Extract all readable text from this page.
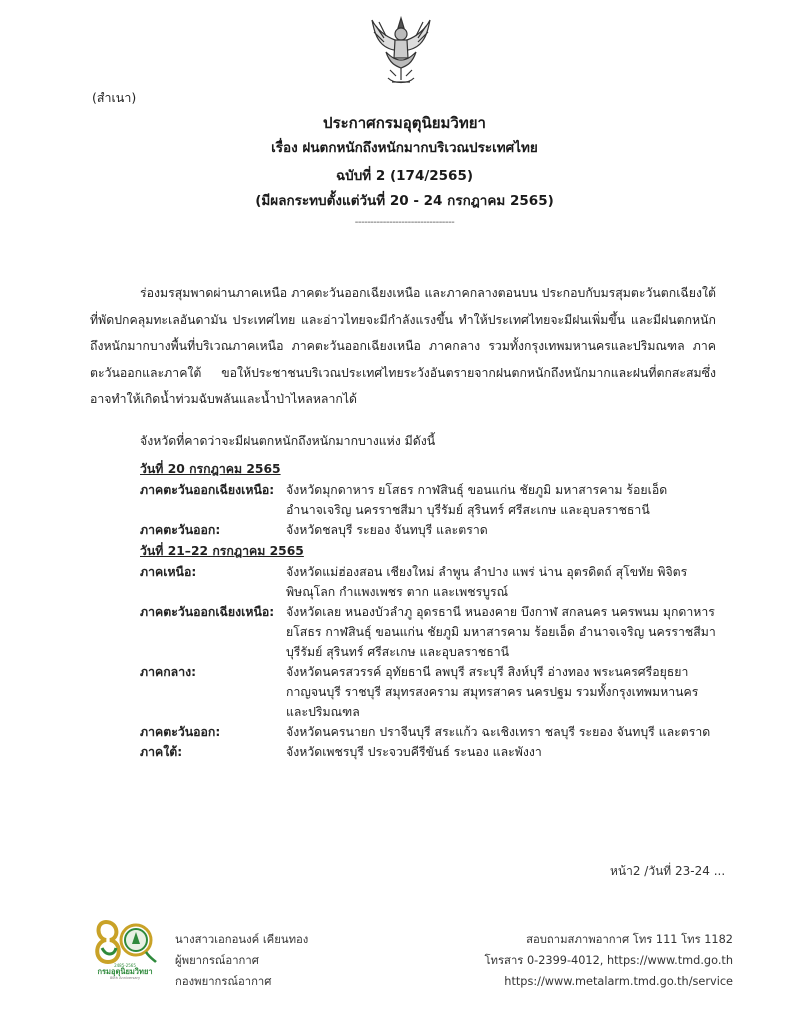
(สำเนา)
ประกาศกรมอุตุนิยมวิทยา
เรื่อง ฝนตกหนักถึงหนักมากบริเวณประเทศไทย
ฉบับที่ 2 (174/2565)
(มีผลกระทบตั้งแต่วันที่ 20 - 24 กรกฎาคม 2565)
--------------------------------
ร่องมรสุมพาดผ่านภาคเหนือ ภาคตะวันออกเฉียงเหนือ และภาคกลางตอนบน ประกอบกับมรสุมตะวันตกเฉียงใต้ที่พัดปกคลุมทะเลอันดามัน ประเทศไทย และอ่าวไทยจะมีกำลังแรงขึ้น ทำให้ประเทศไทยจะมีฝนเพิ่มขึ้น และมีฝนตกหนักถึงหนักมากบางพื้นที่บริเวณภาคเหนือ ภาคตะวันออกเฉียงเหนือ ภาคกลาง รวมทั้งกรุงเทพมหานครและปริมณฑล ภาคตะวันออกและภาคใต้ ขอให้ประชาชนบริเวณประเทศไทยระวังอันตรายจากฝนตกหนักถึงหนักมากและฝนที่ตกสะสมซึ่งอาจทำให้เกิดน้ำท่วมฉับพลันและน้ำป่าไหลหลากได้
จังหวัดที่คาดว่าจะมีฝนตกหนักถึงหนักมากบางแห่ง มีดังนี้
วันที่ 20 กรกฎาคม 2565
ภาคตะวันออกเฉียงเหนือ: จังหวัดมุกดาหาร ยโสธร กาฬสินธุ์ ขอนแก่น ชัยภูมิ มหาสารคาม ร้อยเอ็ด อำนาจเจริญ นครราชสีมา บุรีรัมย์ สุรินทร์ ศรีสะเกษ และอุบลราชธานี
ภาคตะวันออก:	จังหวัดชลบุรี ระยอง จันทบุรี และตราด
วันที่ 21–22 กรกฎาคม 2565
ภาคเหนือ:	จังหวัดแม่ฮ่องสอน เชียงใหม่ ลำพูน ลำปาง แพร่ น่าน อุตรดิตถ์ สุโขทัย พิจิตร พิษณุโลก กำแพงเพชร ตาก และเพชรบูรณ์
ภาคตะวันออกเฉียงเหนือ: จังหวัดเลย หนองบัวลำภู อุดรธานี หนองคาย บึงกาฬ สกลนคร นครพนม มุกดาหาร ยโสธร กาฬสินธุ์ ขอนแก่น ชัยภูมิ มหาสารคาม ร้อยเอ็ด อำนาจเจริญ นครราชสีมา บุรีรัมย์ สุรินทร์ ศรีสะเกษ และอุบลราชธานี
ภาคกลาง:	จังหวัดนครสวรรค์ อุทัยธานี ลพบุรี สระบุรี สิงห์บุรี อ่างทอง พระนครศรีอยุธยา กาญจนบุรี ราชบุรี สมุทรสงคราม สมุทรสาคร นครปฐม รวมทั้งกรุงเทพมหานครและปริมณฑล
ภาคตะวันออก:	จังหวัดนครนายก ปราจีนบุรี สระแก้ว ฉะเชิงเทรา ชลบุรี ระยอง จันทบุรี และตราด
ภาคใต้:	จังหวัดเพชรบุรี ประจวบคีรีขันธ์ ระนอง และพังงา
หน้า2 /วันที่ 23-24 ...
2485-2565
กรมอุตุนิยมวิทยา
80th Anniversary
นางสาวเอกอนงค์ เคียนทอง
ผู้พยากรณ์อากาศ
กองพยากรณ์อากาศ
สอบถามสภาพอากาศ โทร 111 โทร 1182
โทรสาร 0-2399-4012, https://www.tmd.go.th
https://www.metalarm.tmd.go.th/service
